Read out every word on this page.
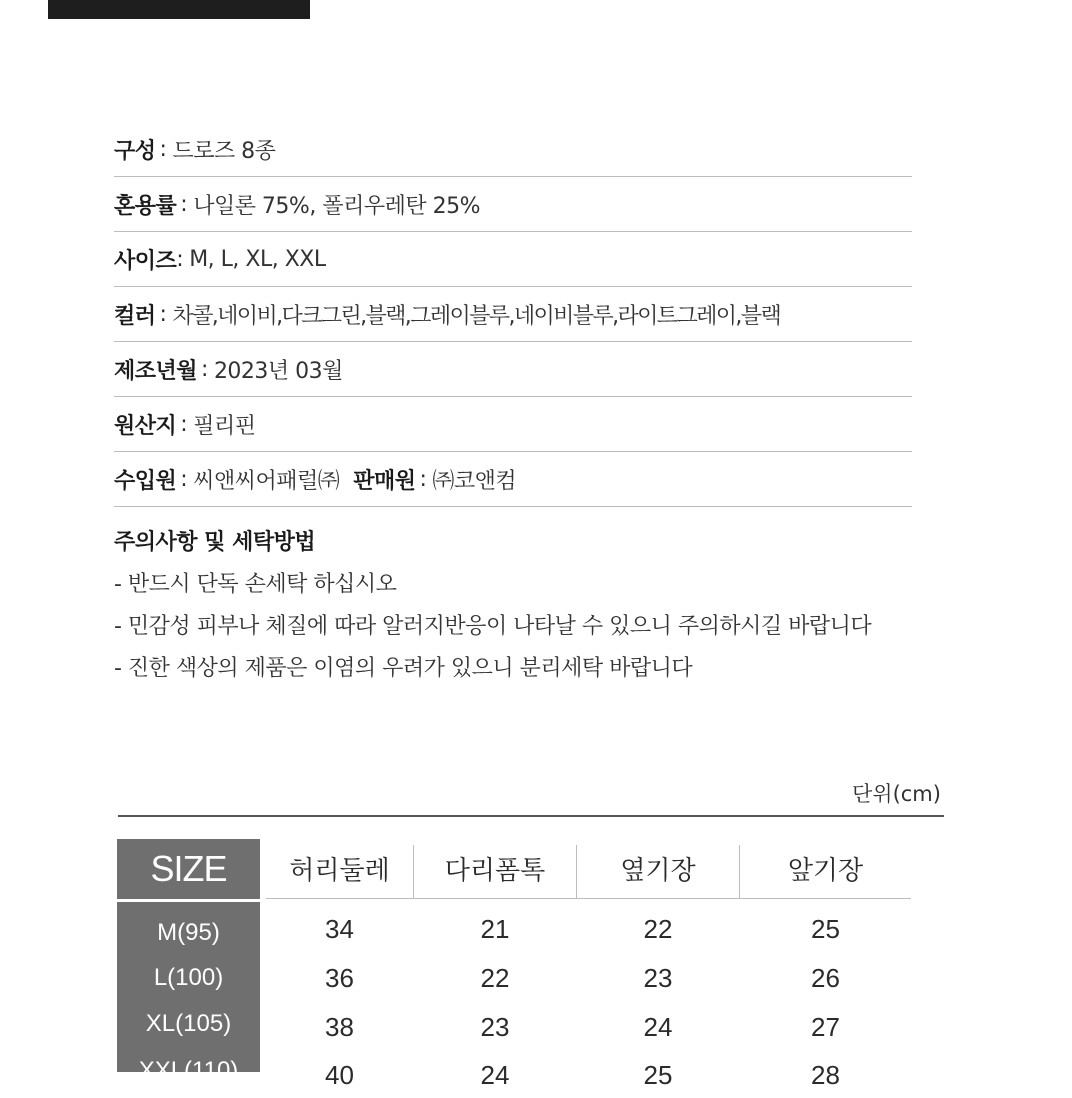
구성 : 드로즈 8종
혼용률 : 나일론 75%, 폴리우레탄 25%
사이즈 : M, L, XL, XXL
컬러 : 차콜,네이비,다크그린,블랙,그레이블루,네이비블루,라이트그레이,블랙
제조년월 : 2023년 03월
원산지 : 필리핀
수입원 : 씨앤씨어패럴㈜ 판매원 : ㈜코앤컴
주의사항 및 세탁방법
- 반드시 단독 손세탁 하십시오
- 민감성 피부나 체질에 따라 알러지반응이 나타날 수 있으니 주의하시길 바랍니다
- 진한 색상의 제품은 이염의 우려가 있으니 분리세탁 바랍니다
단위(cm)
SIZE	허리둘레	다리폼톡	옆기장	앞기장
M(95)	34	21	22	25
L(100)	36	22	23	26
XL(105)	38	23	24	27
XXL(110)	40	24	25	28
